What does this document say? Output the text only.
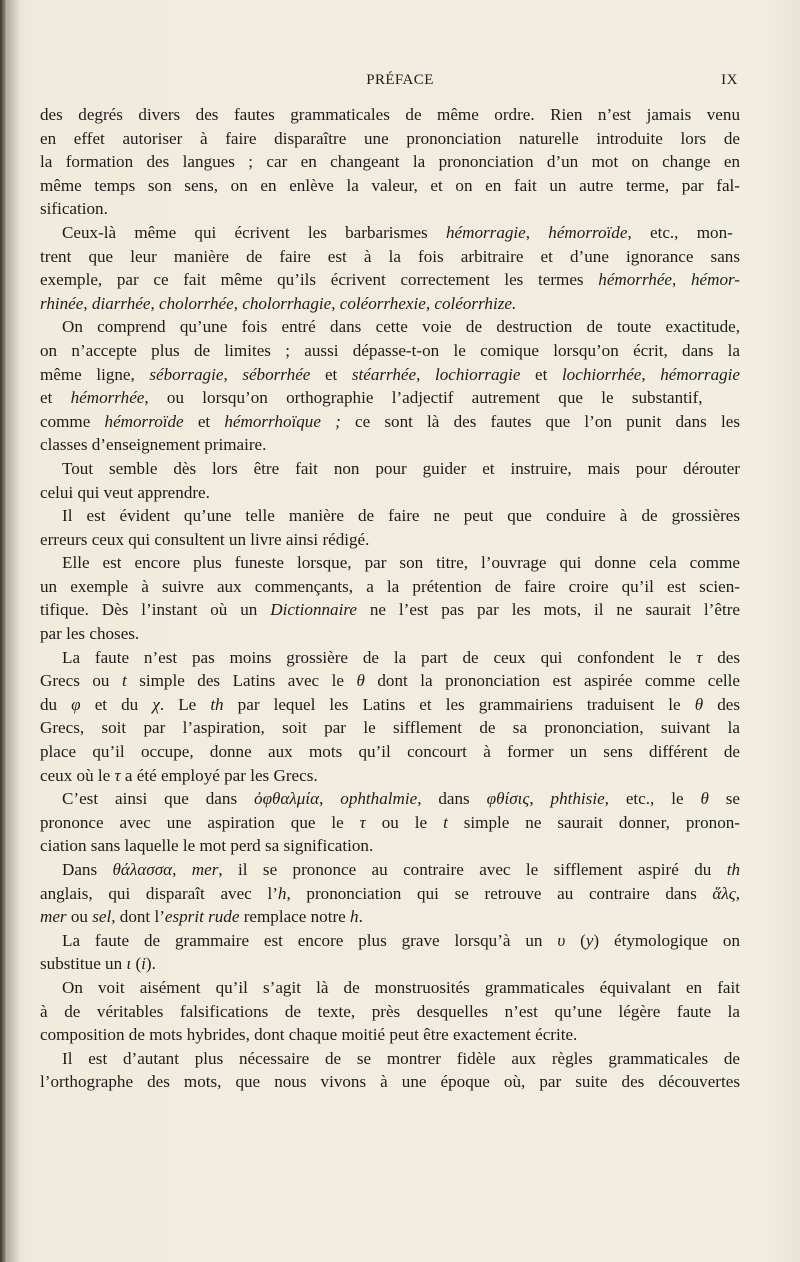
PRÉFACE	IX
des degrés divers des fautes grammaticales de même ordre. Rien n’est jamais venu
en effet autoriser à faire disparaître une prononciation naturelle introduite lors de
la formation des langues ; car en changeant la prononciation d’un mot on change en
même temps son sens, on en enlève la valeur, et on en fait un autre terme, par fal-
sification.
Ceux-là même qui écrivent les barbarismes hémorragie, hémorroïde, etc., mon-
trent que leur manière de faire est à la fois arbitraire et d’une ignorance sans
exemple, par ce fait même qu’ils écrivent correctement les termes hémorrhée, hémor-
rhinée, diarrhée, cholorrhée, cholorrhagie, coléorrhexie, coléorrhize.
On comprend qu’une fois entré dans cette voie de destruction de toute exactitude,
on n’accepte plus de limites ; aussi dépasse-t-on le comique lorsqu’on écrit, dans la
même ligne, séborragie, séborrhée et stéarrhée, lochiorragie et lochiorrhée, hémorragie
et hémorrhée, ou lorsqu’on orthographie l’adjectif autrement que le substantif,
comme hémorroïde et hémorrhoïque ; ce sont là des fautes que l’on punit dans les
classes d’enseignement primaire.
Tout semble dès lors être fait non pour guider et instruire, mais pour dérouter
celui qui veut apprendre.
Il est évident qu’une telle manière de faire ne peut que conduire à de grossières
erreurs ceux qui consultent un livre ainsi rédigé.
Elle est encore plus funeste lorsque, par son titre, l’ouvrage qui donne cela comme
un exemple à suivre aux commençants, a la prétention de faire croire qu’il est scien-
tifique. Dès l’instant où un Dictionnaire ne l’est pas par les mots, il ne saurait l’être
par les choses.
La faute n’est pas moins grossière de la part de ceux qui confondent le τ des
Grecs ou t simple des Latins avec le θ dont la prononciation est aspirée comme celle
du φ et du χ. Le th par lequel les Latins et les grammairiens traduisent le θ des
Grecs, soit par l’aspiration, soit par le sifflement de sa prononciation, suivant la
place qu’il occupe, donne aux mots qu’il concourt à former un sens différent de
ceux où le τ a été employé par les Grecs.
C’est ainsi que dans ὀφθαλμία, ophthalmie, dans φθίσις, phthisie, etc., le θ se
prononce avec une aspiration que le τ ou le t simple ne saurait donner, pronon-
ciation sans laquelle le mot perd sa signification.
Dans θάλασσα, mer, il se prononce au contraire avec le sifflement aspiré du th
anglais, qui disparaît avec l’h, prononciation qui se retrouve au contraire dans ἅλς,
mer ou sel, dont l’esprit rude remplace notre h.
La faute de grammaire est encore plus grave lorsqu’à un υ (y) étymologique on
substitue un ι (i).
On voit aisément qu’il s’agit là de monstruosités grammaticales équivalant en fait
à de véritables falsifications de texte, près desquelles n’est qu’une légère faute la
composition de mots hybrides, dont chaque moitié peut être exactement écrite.
Il est d’autant plus nécessaire de se montrer fidèle aux règles grammaticales de
l’orthographe des mots, que nous vivons à une époque où, par suite des découvertes
